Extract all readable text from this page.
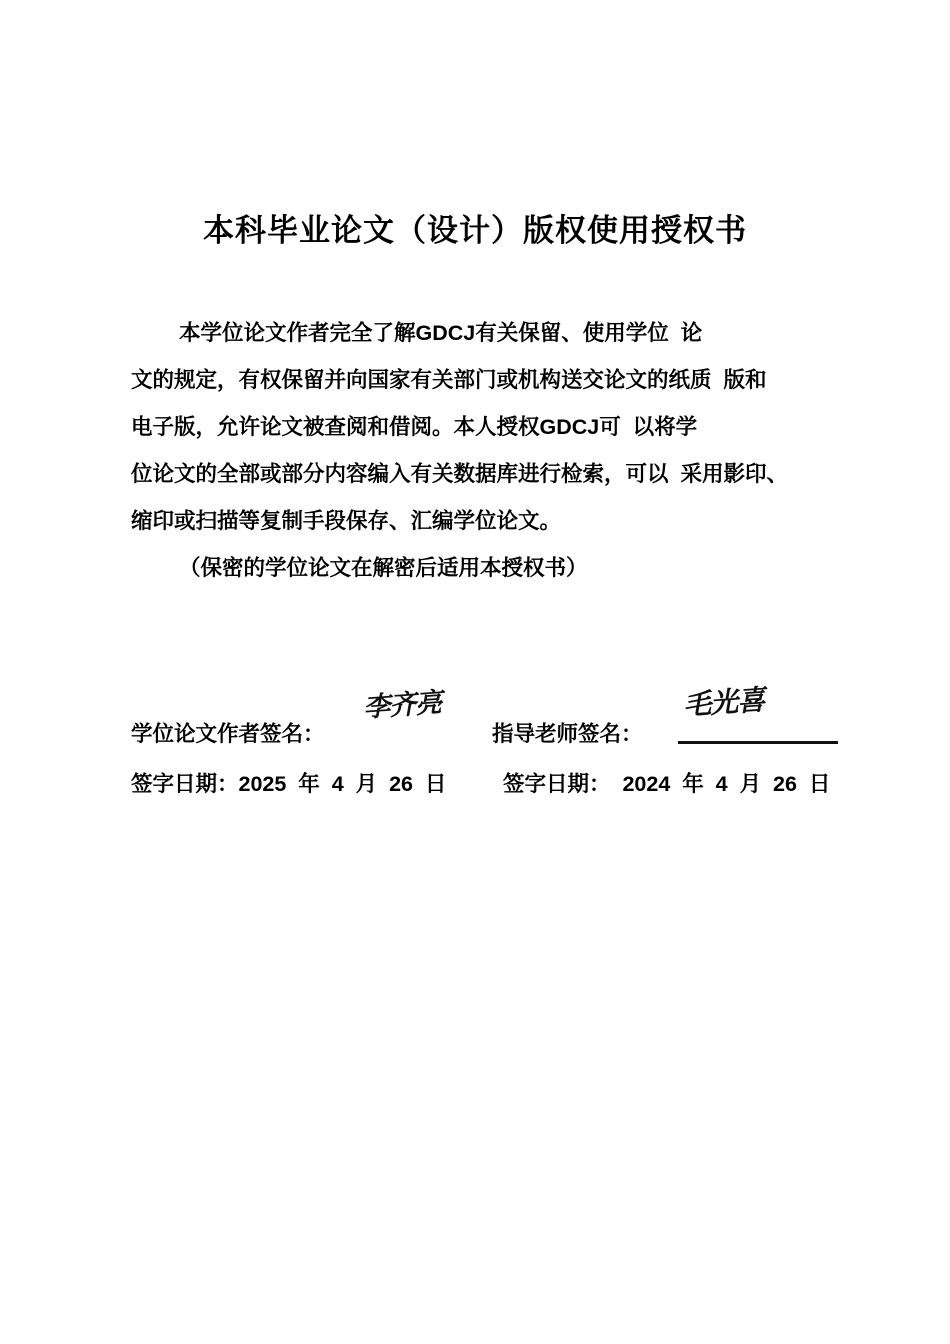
本科毕业论文（设计）版权使用授权书
本学位论文作者完全了解GDCJ有关保留、使用学位  论
文的规定，有权保留并向国家有关部门或机构送交论文的纸质  版和
电子版，允许论文被查阅和借阅。本人授权GDCJ可  以将学
位论文的全部或部分内容编入有关数据库进行检索，可以  采用影印、
缩印或扫描等复制手段保存、汇编学位论文。
（保密的学位论文在解密后适用本授权书）
学位论文作者签名：
李齐亮
指导老师签名：
毛光喜
签字日期：2025  年  4  月  26  日	签字日期：  2024  年  4  月  26  日
